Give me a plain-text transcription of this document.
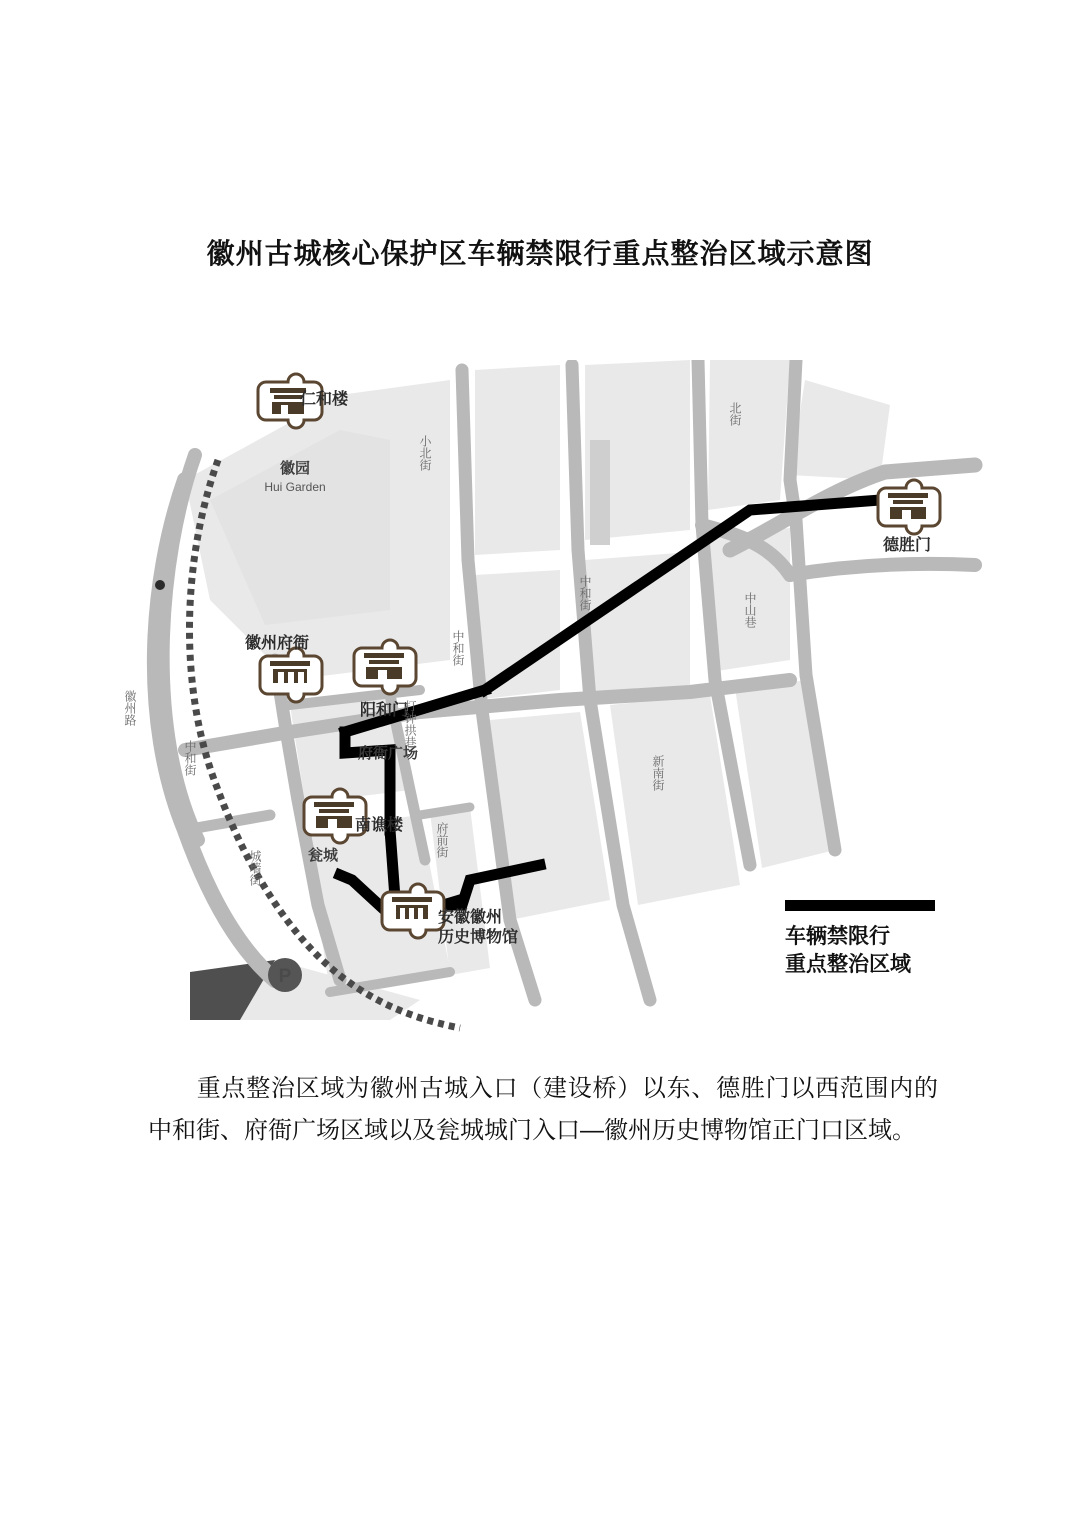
徽州古城核心保护区车辆禁限行重点整治区域示意图
仁和楼
德胜门
徽州府衙
阳和门
南谯楼
安徽徽州
历史博物馆
P
徽园
Hui Garden
府衙广场
瓮城
小北街
北街
中和街
中和街
中山巷
新南街
打钟拱巷
府前街
徽州路
中和街
城墙街
车辆禁限行
重点整治区域
重点整治区域为徽州古城入口（建设桥）以东、德胜门以西范围内的中和街、府衙广场区域以及瓮城城门入口—徽州历史博物馆正门口区域。
